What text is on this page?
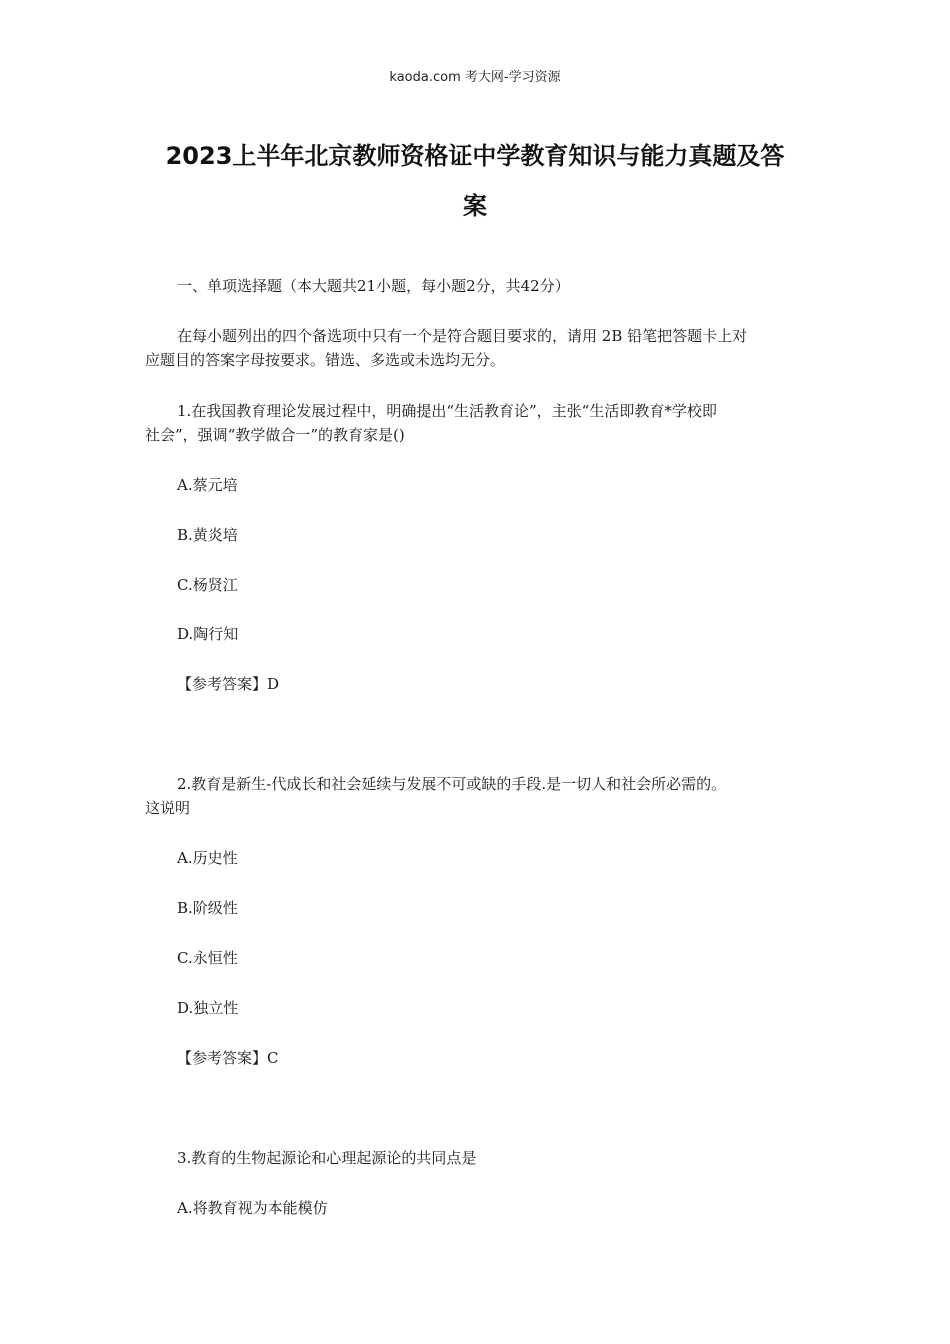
kaoda.com 考大网-学习资源
2023上半年北京教师资格证中学教育知识与能力真题及答
案
一、单项选择题（本大题共21小题，每小题2分，共42分）
在每小题列出的四个备选项中只有一个是符合题目要求的，请用 2B 铅笔把答题卡上对
应题目的答案字母按要求。错选、多选或未选均无分。
1.在我国教育理论发展过程中，明确提出“生活教育论”，主张“生活即教育*学校即
社会”，强调“教学做合一”的教育家是()
A.蔡元培
B.黄炎培
C.杨贤江
D.陶行知
【参考答案】D
2.教育是新生-代成长和社会延续与发展不可或缺的手段.是一切人和社会所必需的。
这说明
A.历史性
B.阶级性
C.永恒性
D.独立性
【参考答案】C
3.教育的生物起源论和心理起源论的共同点是
A.将教育视为本能模仿
